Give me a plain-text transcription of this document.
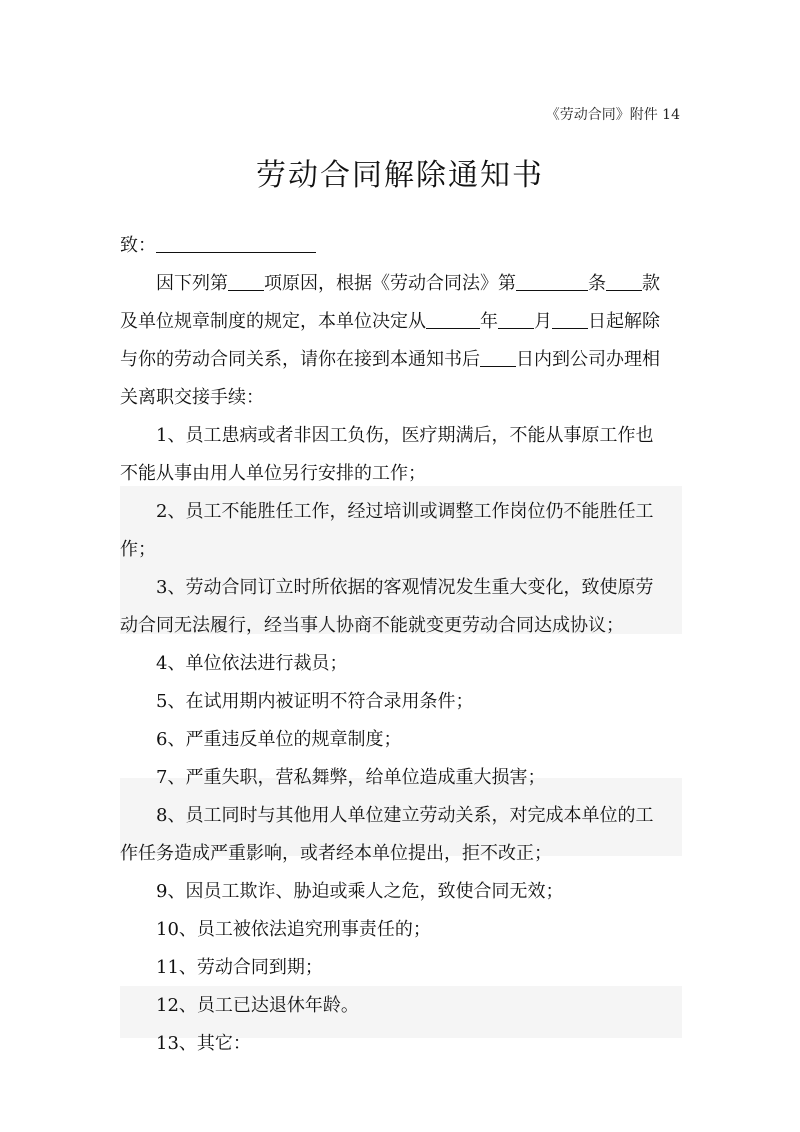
《劳动合同》附件 14
劳动合同解除通知书
致：
因下列第 项原因，根据《劳动合同法》第	条 款
及单位规章制度的规定，本单位决定从	年 月 日起解除
与你的劳动合同关系，请你在接到本通知书后 日内到公司办理相
关离职交接手续：
1、员工患病或者非因工负伤，医疗期满后，不能从事原工作也
不能从事由用人单位另行安排的工作；
2、员工不能胜任工作，经过培训或调整工作岗位仍不能胜任工
作；
3、劳动合同订立时所依据的客观情况发生重大变化，致使原劳
动合同无法履行，经当事人协商不能就变更劳动合同达成协议；
4、单位依法进行裁员；
5、在试用期内被证明不符合录用条件；
6、严重违反单位的规章制度；
7、严重失职，营私舞弊，给单位造成重大损害；
8、员工同时与其他用人单位建立劳动关系，对完成本单位的工
作任务造成严重影响，或者经本单位提出，拒不改正；
9、因员工欺诈、胁迫或乘人之危，致使合同无效；
10、员工被依法追究刑事责任的；
11、劳动合同到期；
12、员工已达退休年龄。
13、其它：
